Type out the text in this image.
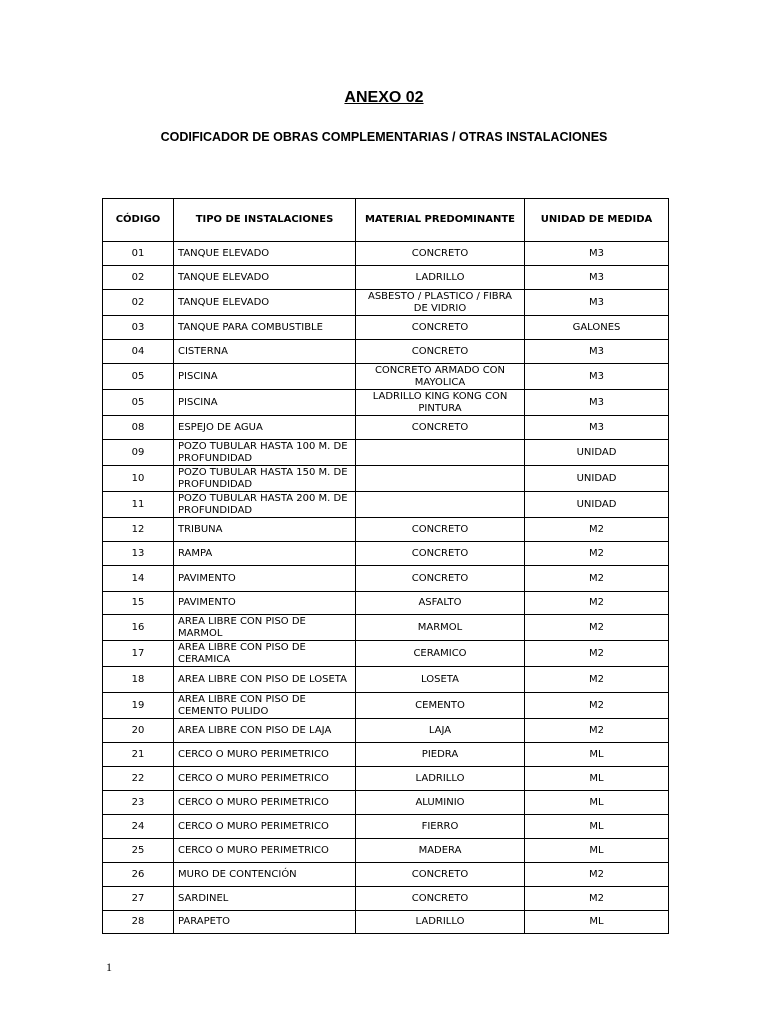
ANEXO 02
CODIFICADOR DE OBRAS COMPLEMENTARIAS / OTRAS INSTALACIONES
CÓDIGO	TIPO DE INSTALACIONES	MATERIAL PREDOMINANTE	UNIDAD DE MEDIDA
01	TANQUE ELEVADO	CONCRETO	M3
02	TANQUE ELEVADO	LADRILLO	M3
02	TANQUE ELEVADO	ASBESTO / PLASTICO / FIBRA DE VIDRIO	M3
03	TANQUE PARA COMBUSTIBLE	CONCRETO	GALONES
04	CISTERNA	CONCRETO	M3
05	PISCINA	CONCRETO ARMADO CON MAYOLICA	M3
05	PISCINA	LADRILLO KING KONG CON PINTURA	M3
08	ESPEJO DE AGUA	CONCRETO	M3
09	POZO TUBULAR HASTA 100 M. DE PROFUNDIDAD		UNIDAD
10	POZO TUBULAR HASTA 150 M. DE PROFUNDIDAD		UNIDAD
11	POZO TUBULAR HASTA 200 M. DE PROFUNDIDAD		UNIDAD
12	TRIBUNA	CONCRETO	M2
13	RAMPA	CONCRETO	M2
14	PAVIMENTO	CONCRETO	M2
15	PAVIMENTO	ASFALTO	M2
16	AREA LIBRE CON PISO DE MARMOL	MARMOL	M2
17	AREA LIBRE CON PISO DE CERAMICA	CERAMICO	M2
18	AREA LIBRE CON PISO DE LOSETA	LOSETA	M2
19	AREA LIBRE CON PISO DE CEMENTO PULIDO	CEMENTO	M2
20	AREA LIBRE CON PISO DE LAJA	LAJA	M2
21	CERCO O MURO PERIMETRICO	PIEDRA	ML
22	CERCO O MURO PERIMETRICO	LADRILLO	ML
23	CERCO O MURO PERIMETRICO	ALUMINIO	ML
24	CERCO O MURO PERIMETRICO	FIERRO	ML
25	CERCO O MURO PERIMETRICO	MADERA	ML
26	MURO DE CONTENCIÓN	CONCRETO	M2
27	SARDINEL	CONCRETO	M2
28	PARAPETO	LADRILLO	ML
1
